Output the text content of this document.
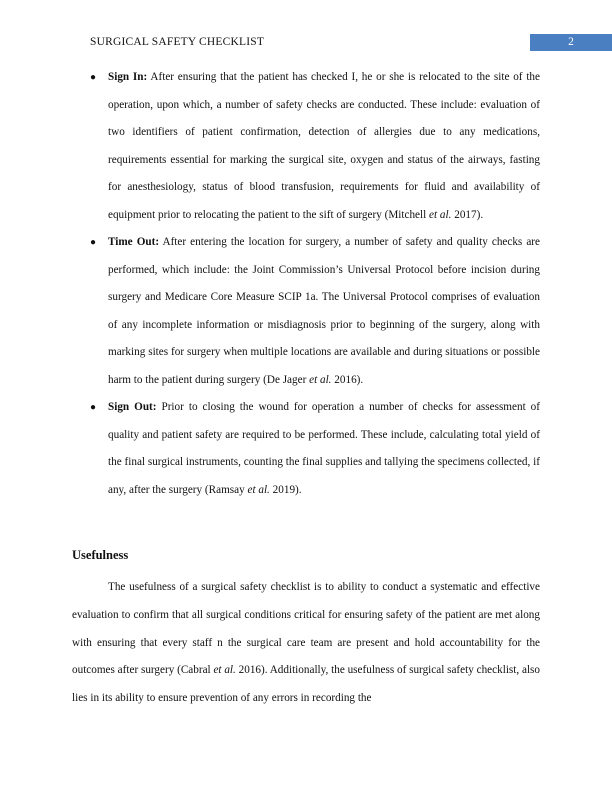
SURGICAL SAFETY CHECKLIST	2
● Sign In: After ensuring that the patient has checked I, he or she is relocated to the site of the operation, upon which, a number of safety checks are conducted. These include: evaluation of two identifiers of patient confirmation, detection of allergies due to any medications, requirements essential for marking the surgical site, oxygen and status of the airways, fasting for anesthesiology, status of blood transfusion, requirements for fluid and availability of equipment prior to relocating the patient to the sift of surgery (Mitchell et al. 2017).
● Time Out: After entering the location for surgery, a number of safety and quality checks are performed, which include: the Joint Commission’s Universal Protocol before incision during surgery and Medicare Core Measure SCIP 1a. The Universal Protocol comprises of evaluation of any incomplete information or misdiagnosis prior to beginning of the surgery, along with marking sites for surgery when multiple locations are available and during situations or possible harm to the patient during surgery (De Jager et al. 2016).
● Sign Out: Prior to closing the wound for operation a number of checks for assessment of quality and patient safety are required to be performed. These include, calculating total yield of the final surgical instruments, counting the final supplies and tallying the specimens collected, if any, after the surgery (Ramsay et al. 2019).
Usefulness

The usefulness of a surgical safety checklist is to ability to conduct a systematic and effective evaluation to confirm that all surgical conditions critical for ensuring safety of the patient are met along with ensuring that every staff n the surgical care team are present and hold accountability for the outcomes after surgery (Cabral et al. 2016). Additionally, the usefulness of surgical safety checklist, also lies in its ability to ensure prevention of any errors in recording the
